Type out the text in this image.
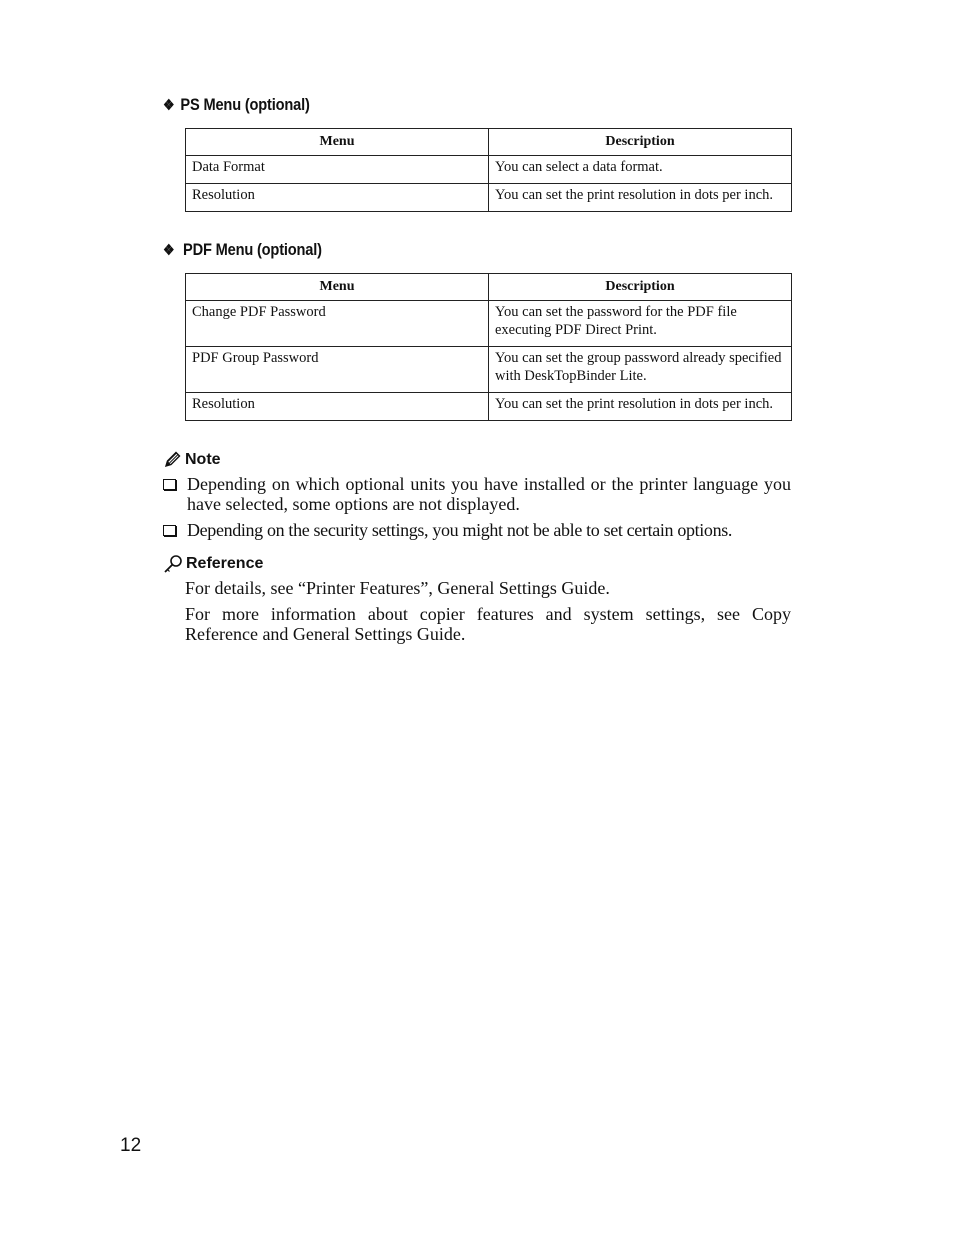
❖ PS Menu (optional)
Menu	Description
Data Format	You can select a data format.
Resolution	You can set the print resolution in dots per inch.
❖ PDF Menu (optional)
Menu	Description
Change PDF Password	You can set the password for the PDF file executing PDF Direct Print.
PDF Group Password	You can set the group password already specified with DeskTopBinder Lite.
Resolution	You can set the print resolution in dots per inch.
Note
Depending on which optional units you have installed or the printer language you have selected, some options are not displayed.
Depending on the security settings, you might not be able to set certain options.
Reference

For details, see “Printer Features”, General Settings Guide.

For more information about copier features and system settings, see Copy Reference and General Settings Guide.

12
